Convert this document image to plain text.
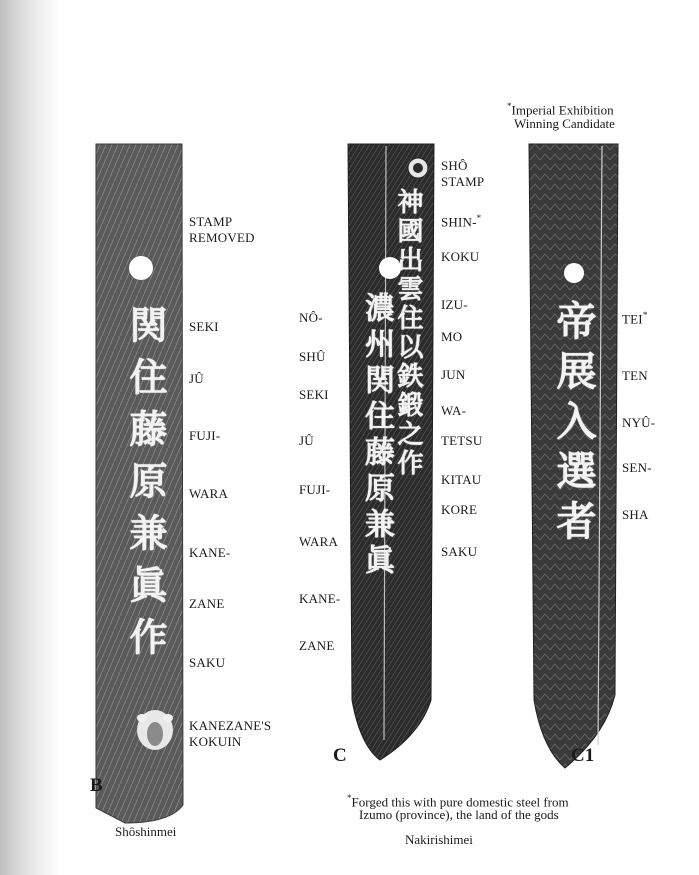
関住藤原兼眞作	神國出雲住以鉄鍛之作
濃州関住藤原兼眞	帝展入選者
STAMP
REMOVED
SEKI
JÛ
FUJI-
WARA
KANE-
ZANE
SAKU
KANEZANE'S
KOKUIN
NÔ-
SHÛ
SEKI
JÛ
FUJI-
WARA
KANE-
ZANE
SHÔ
STAMP
SHIN-*
KOKU
IZU-
MO
JUN
WA-
TETSU
KITAU
KORE
SAKU
*Imperial Exhibition
Winning Candidate
TEI*
TEN
NYÛ-
SEN-
SHA
B
C	C1
Shôshinmei
*Forged this with pure domestic steel from
Izumo (province), the land of the gods
Nakirishimei
